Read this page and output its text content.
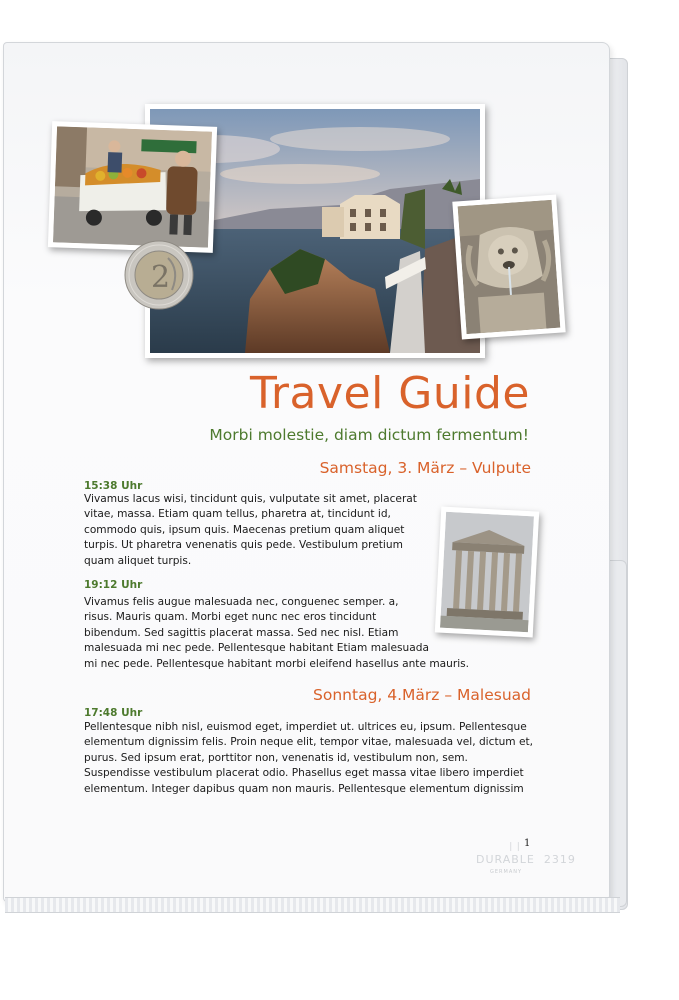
2
Travel Guide
Morbi molestie, diam dictum fermentum!
Samstag, 3. März – Vulpute
15:38 Uhr
Vivamus lacus wisi, tincidunt quis, vulputate sit amet, placerat
vitae, massa. Etiam quam tellus, pharetra at, tincidunt id,
commodo quis, ipsum quis. Maecenas pretium quam aliquet
turpis. Ut pharetra venenatis quis pede. Vestibulum pretium
quam aliquet turpis.
19:12 Uhr
Vivamus felis augue malesuada nec, conguenec semper. a,
risus. Mauris quam. Morbi eget nunc nec eros tincidunt
bibendum. Sed sagittis placerat massa. Sed nec nisl. Etiam
malesuada mi nec pede. Pellentesque habitant Etiam malesuada
mi nec pede. Pellentesque habitant morbi eleifend hasellus ante mauris.
Sonntag, 4.März – Malesuad
17:48 Uhr
Pellentesque nibh nisl, euismod eget, imperdiet ut. ultrices eu, ipsum. Pellentesque
elementum dignissim felis. Proin neque elit, tempor vitae, malesuada vel, dictum et,
purus. Sed ipsum erat, porttitor non, venenatis id, vestibulum non, sem.
Suspendisse vestibulum placerat odio. Phasellus eget massa vitae libero imperdiet
elementum. Integer dapibus quam non mauris. Pellentesque elementum dignissim
1
❘❘
DURABLE 2319
GERMANY
